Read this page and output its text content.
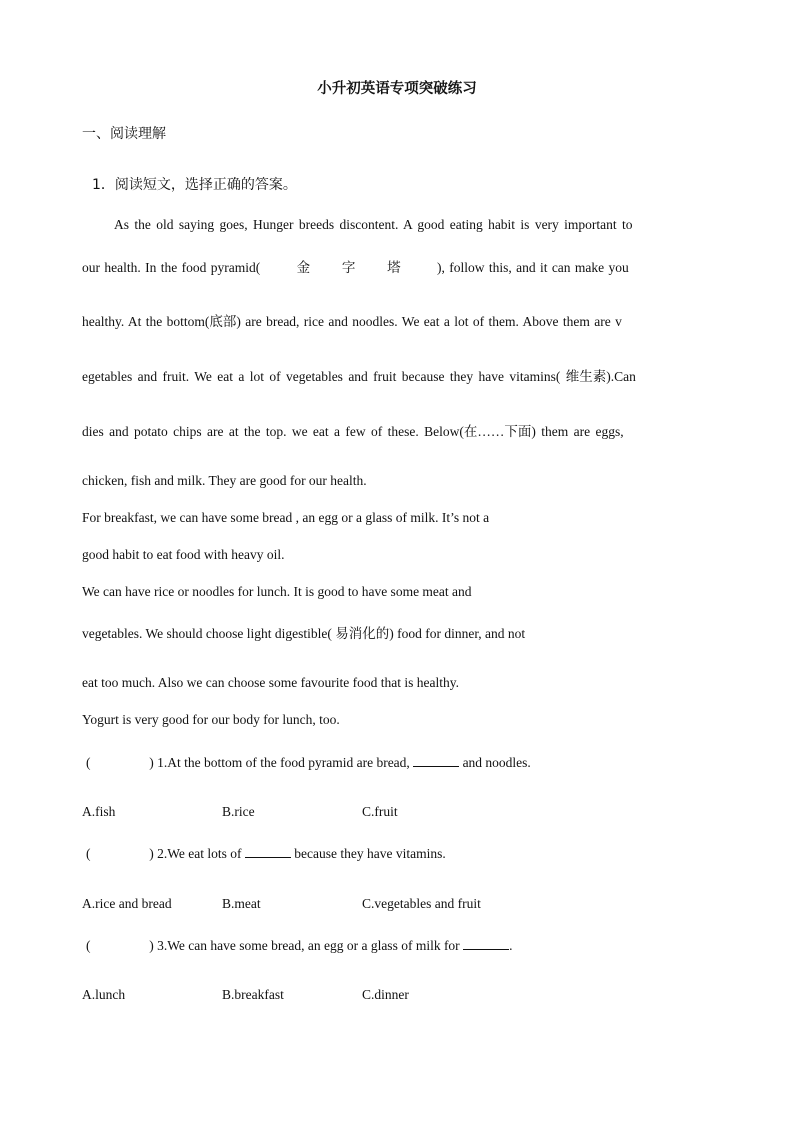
小升初英语专项突破练习
一、阅读理解
1．阅读短文，选择正确的答案。
As the old saying goes, Hunger breeds discontent. A good eating habit is very important to
our health. In the food pyramid(	金      字      塔	), follow this, and it can make you
healthy. At the bottom(底部) are bread, rice and noodles. We eat a lot of them. Above them are v
egetables and fruit. We eat a lot of vegetables and fruit because they have vitamins( 维生素).Can
dies and potato chips are at the top. we eat a few of these. Below(在……下面) them are eggs,
chicken, fish and milk. They are good for our health.
For breakfast, we can have some bread , an egg or a glass of milk. It’s not a
good habit to eat food with heavy oil.
We can have rice or noodles for lunch. It is good to have some meat and
vegetables. We should choose light digestible( 易消化的) food for dinner, and not
eat too much. Also we can choose some favourite food that is healthy.
Yogurt is very good for our body for lunch, too.
(	) 1.At the bottom of the food pyramid are bread,	and noodles.
A.fish	B.rice	C.fruit
(	) 2.We eat lots of	because they have vitamins.
A.rice and bread	B.meat	C.vegetables and fruit
(	) 3.We can have some bread, an egg or a glass of milk for	.
A.lunch	B.breakfast	C.dinner
